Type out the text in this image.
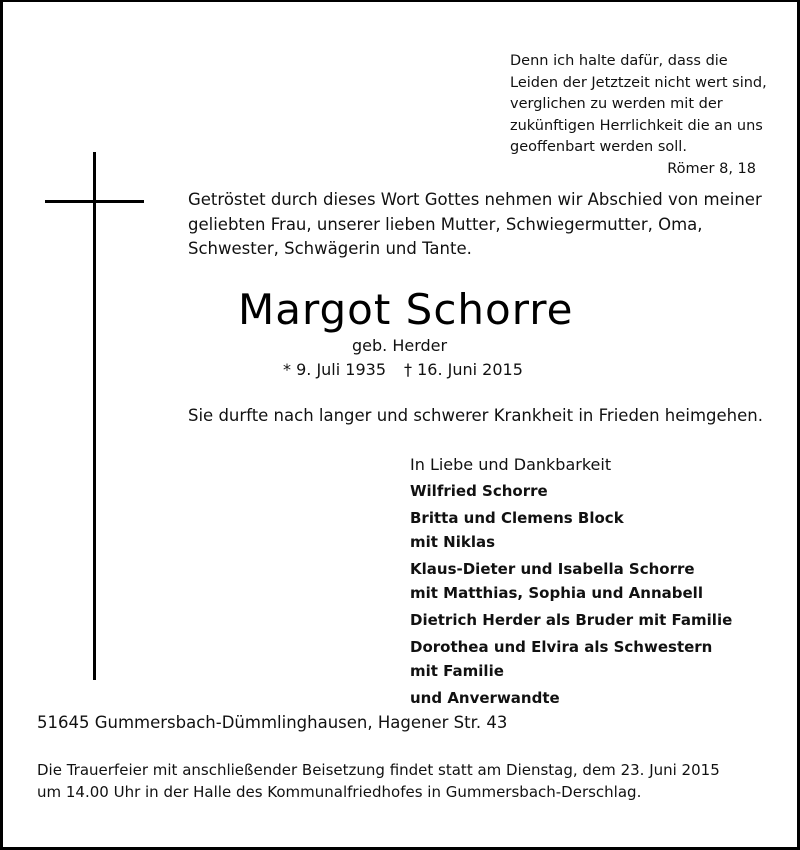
Denn ich halte dafür, dass die
Leiden der Jetztzeit nicht wert sind,
verglichen zu werden mit der
zukünftigen Herrlichkeit die an uns
geoffenbart werden soll.
Römer 8, 18
Getröstet durch dieses Wort Gottes nehmen wir Abschied von meiner
geliebten Frau, unserer lieben Mutter, Schwiegermutter, Oma,
Schwester, Schwägerin und Tante.
Margot Schorre
geb. Herder
* 9. Juli 1935 † 16. Juni 2015
Sie durfte nach langer und schwerer Krankheit in Frieden heimgehen.
In Liebe und Dankbarkeit
Wilfried Schorre
Britta und Clemens Block
mit Niklas
Klaus-Dieter und Isabella Schorre
mit Matthias, Sophia und Annabell
Dietrich Herder als Bruder mit Familie
Dorothea und Elvira als Schwestern
mit Familie
und Anverwandte
51645 Gummersbach-Dümmlinghausen, Hagener Str. 43
Die Trauerfeier mit anschließender Beisetzung findet statt am Dienstag, dem 23. Juni 2015
um 14.00 Uhr in der Halle des Kommunalfriedhofes in Gummersbach-Derschlag.
